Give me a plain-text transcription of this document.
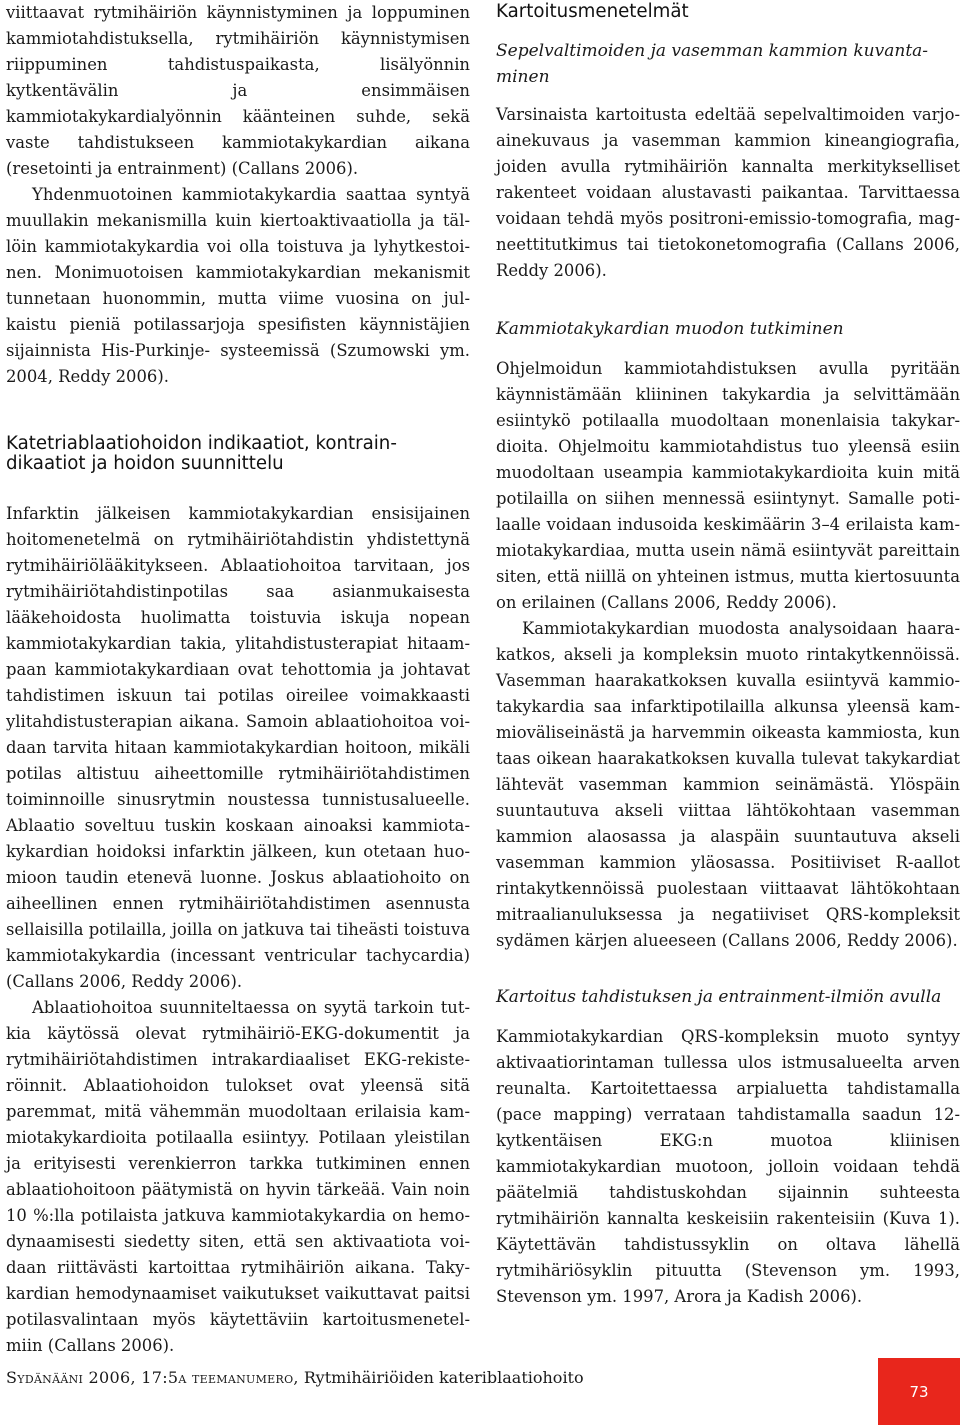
viittaavat rytmihäiriön käynnistyminen ja loppuminen kammiotahdistuksella, rytmihäiriön käynnistymisen riippuminen tahdistuspaikasta, lisälyönnin kytkentävälin ja ensimmäisen kammiotakykardialyönnin käänteinen suhde, sekä vaste tahdistukseen kammiotakykardian aikana (resetointi ja entrainment) (Callans 2006).

Yhdenmuotoinen kammiotakykardia saattaa syntyä muullakin mekanismilla kuin kiertoaktivaatiolla ja tällöin kammiotakykardia voi olla toistuva ja lyhytkestoinen. Monimuotoisen kammiotakykardian mekanismit tunnetaan huonommin, mutta viime vuosina on julkaistu pieniä potilassarjoja spesifisten käynnistäjien sijainnista His-Purkinje- systeemissä (Szumowski ym. 2004, Reddy 2006).

Katetriablaatiohoidon indikaatiot, kontraindikaatiot ja hoidon suunnittelu

Infarktin jälkeisen kammiotakykardian ensisijainen hoitomenetelmä on rytmihäiriötahdistin yhdistettynä rytmihäiriölääkitykseen. Ablaatiohoitoa tarvitaan, jos rytmihäiriötahdistinpotilas saa asianmukaisesta lääkehoidosta huolimatta toistuvia iskuja nopean kammiotakykardian takia, ylitahdistusterapiat hitaampaan kammiotakykardiaan ovat tehottomia ja johtavat tahdistimen iskuun tai potilas oireilee voimakkaasti ylitahdistusterapian aikana. Samoin ablaatiohoitoa voidaan tarvita hitaan kammiotakykardian hoitoon, mikäli potilas altistuu aiheettomille rytmihäiriötahdistimen toiminnoille sinusrytmin noustessa tunnistusalueelle. Ablaatio soveltuu tuskin koskaan ainoaksi kammiotakykardian hoidoksi infarktin jälkeen, kun otetaan huomioon taudin etenevä luonne. Joskus ablaatiohoito on aiheellinen ennen rytmihäiriötahdistimen asennusta sellaisilla potilailla, joilla on jatkuva tai tiheästi toistuva kammiotakykardia (incessant ventricular tachycardia) (Callans 2006, Reddy 2006).

Ablaatiohoitoa suunniteltaessa on syytä tarkoin tutkia käytössä olevat rytmihäiriö-EKG-dokumentit ja rytmihäiriötahdistimen intrakardiaaliset EKG-rekisteröinnit. Ablaatiohoidon tulokset ovat yleensä sitä paremmat, mitä vähemmän muodoltaan erilaisia kammiotakykardioita potilaalla esiintyy. Potilaan yleistilan ja erityisesti verenkierron tarkka tutkiminen ennen ablaatiohoitoon päätymistä on hyvin tärkeää. Vain noin 10 %:lla potilaista jatkuva kammiotakykardia on hemodynaamisesti siedetty siten, että sen aktivaatiota voidaan riittävästi kartoittaa rytmihäiriön aikana. Takykardian hemodynaamiset vaikutukset vaikuttavat paitsi potilasvalintaan myös käytettäviin kartoitusmenetelmiin (Callans 2006).

Kartoitusmenetelmät
Sepelvaltimoiden ja vasemman kammion kuvantaminen

Varsinaista kartoitusta edeltää sepelvaltimoiden varjoainekuvaus ja vasemman kammion kineangiografia, joiden avulla rytmihäiriön kannalta merkitykselliset rakenteet voidaan alustavasti paikantaa. Tarvittaessa voidaan tehdä myös positroni-emissio-tomografia, magneettitutkimus tai tietokonetomografia (Callans 2006, Reddy 2006).

Kammiotakykardian muodon tutkiminen

Ohjelmoidun kammiotahdistuksen avulla pyritään käynnistämään kliininen takykardia ja selvittämään esiintykö potilaalla muodoltaan monenlaisia takykardioita. Ohjelmoitu kammiotahdistus tuo yleensä esiin muodoltaan useampia kammiotakykardioita kuin mitä potilailla on siihen mennessä esiintynyt. Samalle potilaalle voidaan indusoida keskimäärin 3–4 erilaista kammiotakykardiaa, mutta usein nämä esiintyvät pareittain siten, että niillä on yhteinen istmus, mutta kiertosuunta on erilainen (Callans 2006, Reddy 2006).

Kammiotakykardian muodosta analysoidaan haarakatkos, akseli ja kompleksin muoto rintakytkennöissä. Vasemman haarakatkoksen kuvalla esiintyvä kammiotakykardia saa infarktipotilailla alkunsa yleensä kammioväliseinästä ja harvemmin oikeasta kammiosta, kun taas oikean haarakatkoksen kuvalla tulevat takykardiat lähtevät vasemman kammion seinämästä. Ylöspäin suuntautuva akseli viittaa lähtökohtaan vasemman kammion alaosassa ja alaspäin suuntautuva akseli vasemman kammion yläosassa. Positiiviset R-aallot rintakytkennöissä puolestaan viittaavat lähtökohtaan mitraalianuluksessa ja negatiiviset QRS-kompleksit sydämen kärjen alueeseen (Callans 2006, Reddy 2006).

Kartoitus tahdistuksen ja entrainment-ilmiön avulla

Kammiotakykardian QRS-kompleksin muoto syntyy aktivaatiorintaman tullessa ulos istmusalueelta arven reunalta. Kartoitettaessa arpialuetta tahdistamalla (pace mapping) verrataan tahdistamalla saadun 12-kytkentäisen EKG:n muotoa kliinisen kammiotakykardian muotoon, jolloin voidaan tehdä päätelmiä tahdistuskohdan sijainnin suhteesta rytmihäiriön kannalta keskeisiin rakenteisiin (Kuva 1). Käytettävän tahdistussyklin on oltava lähellä rytmihäriösyklin pituutta (Stevenson ym. 1993, Stevenson ym. 1997, Arora ja Kadish 2006).

Sydänääni 2006, 17:5a teemanumero, Rytmihäiriöiden kateriblaatiohoito
73
